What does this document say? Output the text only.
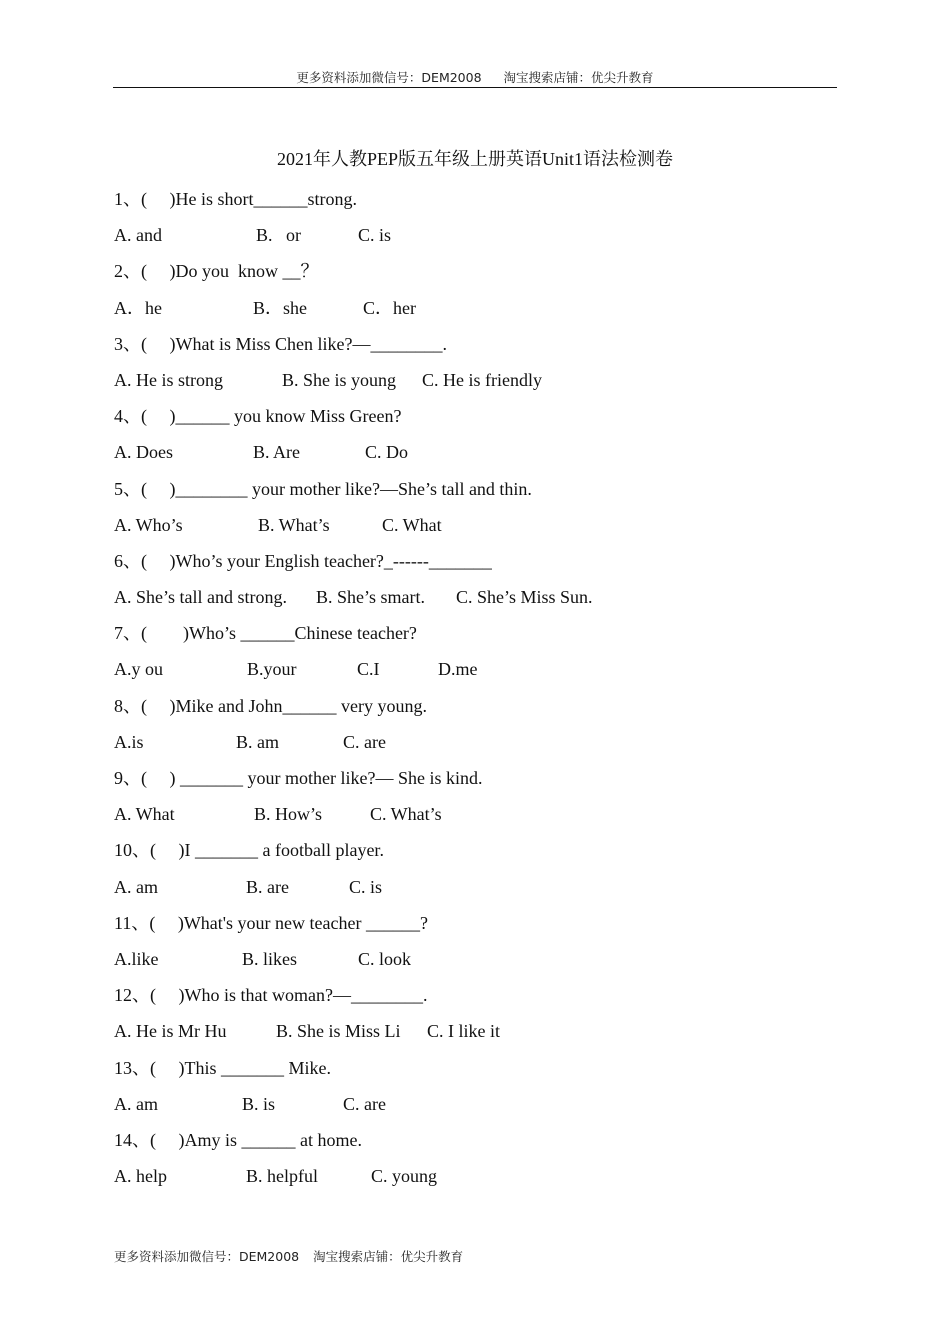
更多资料添加微信号：DEM2008 淘宝搜索店铺：优尖升教育
2021年人教PEP版五年级上册英语Unit1语法检测卷
1、(     )He is short______strong.

A. and

	B.   or

	C. is

2、(     )Do you  know __？

A．he

	B．she

	C．her

3、(     )What is Miss Chen like?—________.

A. He is strong

	B. She is young

C. He is friendly

4、(     )______ you know Miss Green?

A. Does

	B. Are

	C. Do

5、(     )________ your mother like?—She’s tall and thin.

A. Who’s

	B. What’s

	C. What

6、(     )Who’s your English teacher?_------_______

A. She’s tall and strong.

B. She’s smart.

C. She’s Miss Sun.

7、(        )Who’s ______Chinese teacher?

A.y ou

	B.your

	C.I

	D.me

8、(     )Mike and John______ very young.

A.is

	B. am

	C. are

9、(     ) _______ your mother like?— She is kind.

A. What

	B. How’s

	C. What’s

10、(     )I _______ a football player.

A. am

	B. are

	C. is

11、(     )What's your new teacher ______?

A.like

	B. likes

	C. look

12、(     )Who is that woman?—________.

A. He is Mr Hu

	B. She is Miss Li

C. I like it

13、(     )This _______ Mike.

A. am

	B. is

	C. are

14、(     )Amy is ______ at home.

A. help

	B. helpful

	C. young

更多资料添加微信号：DEM2008 淘宝搜索店铺：优尖升教育
